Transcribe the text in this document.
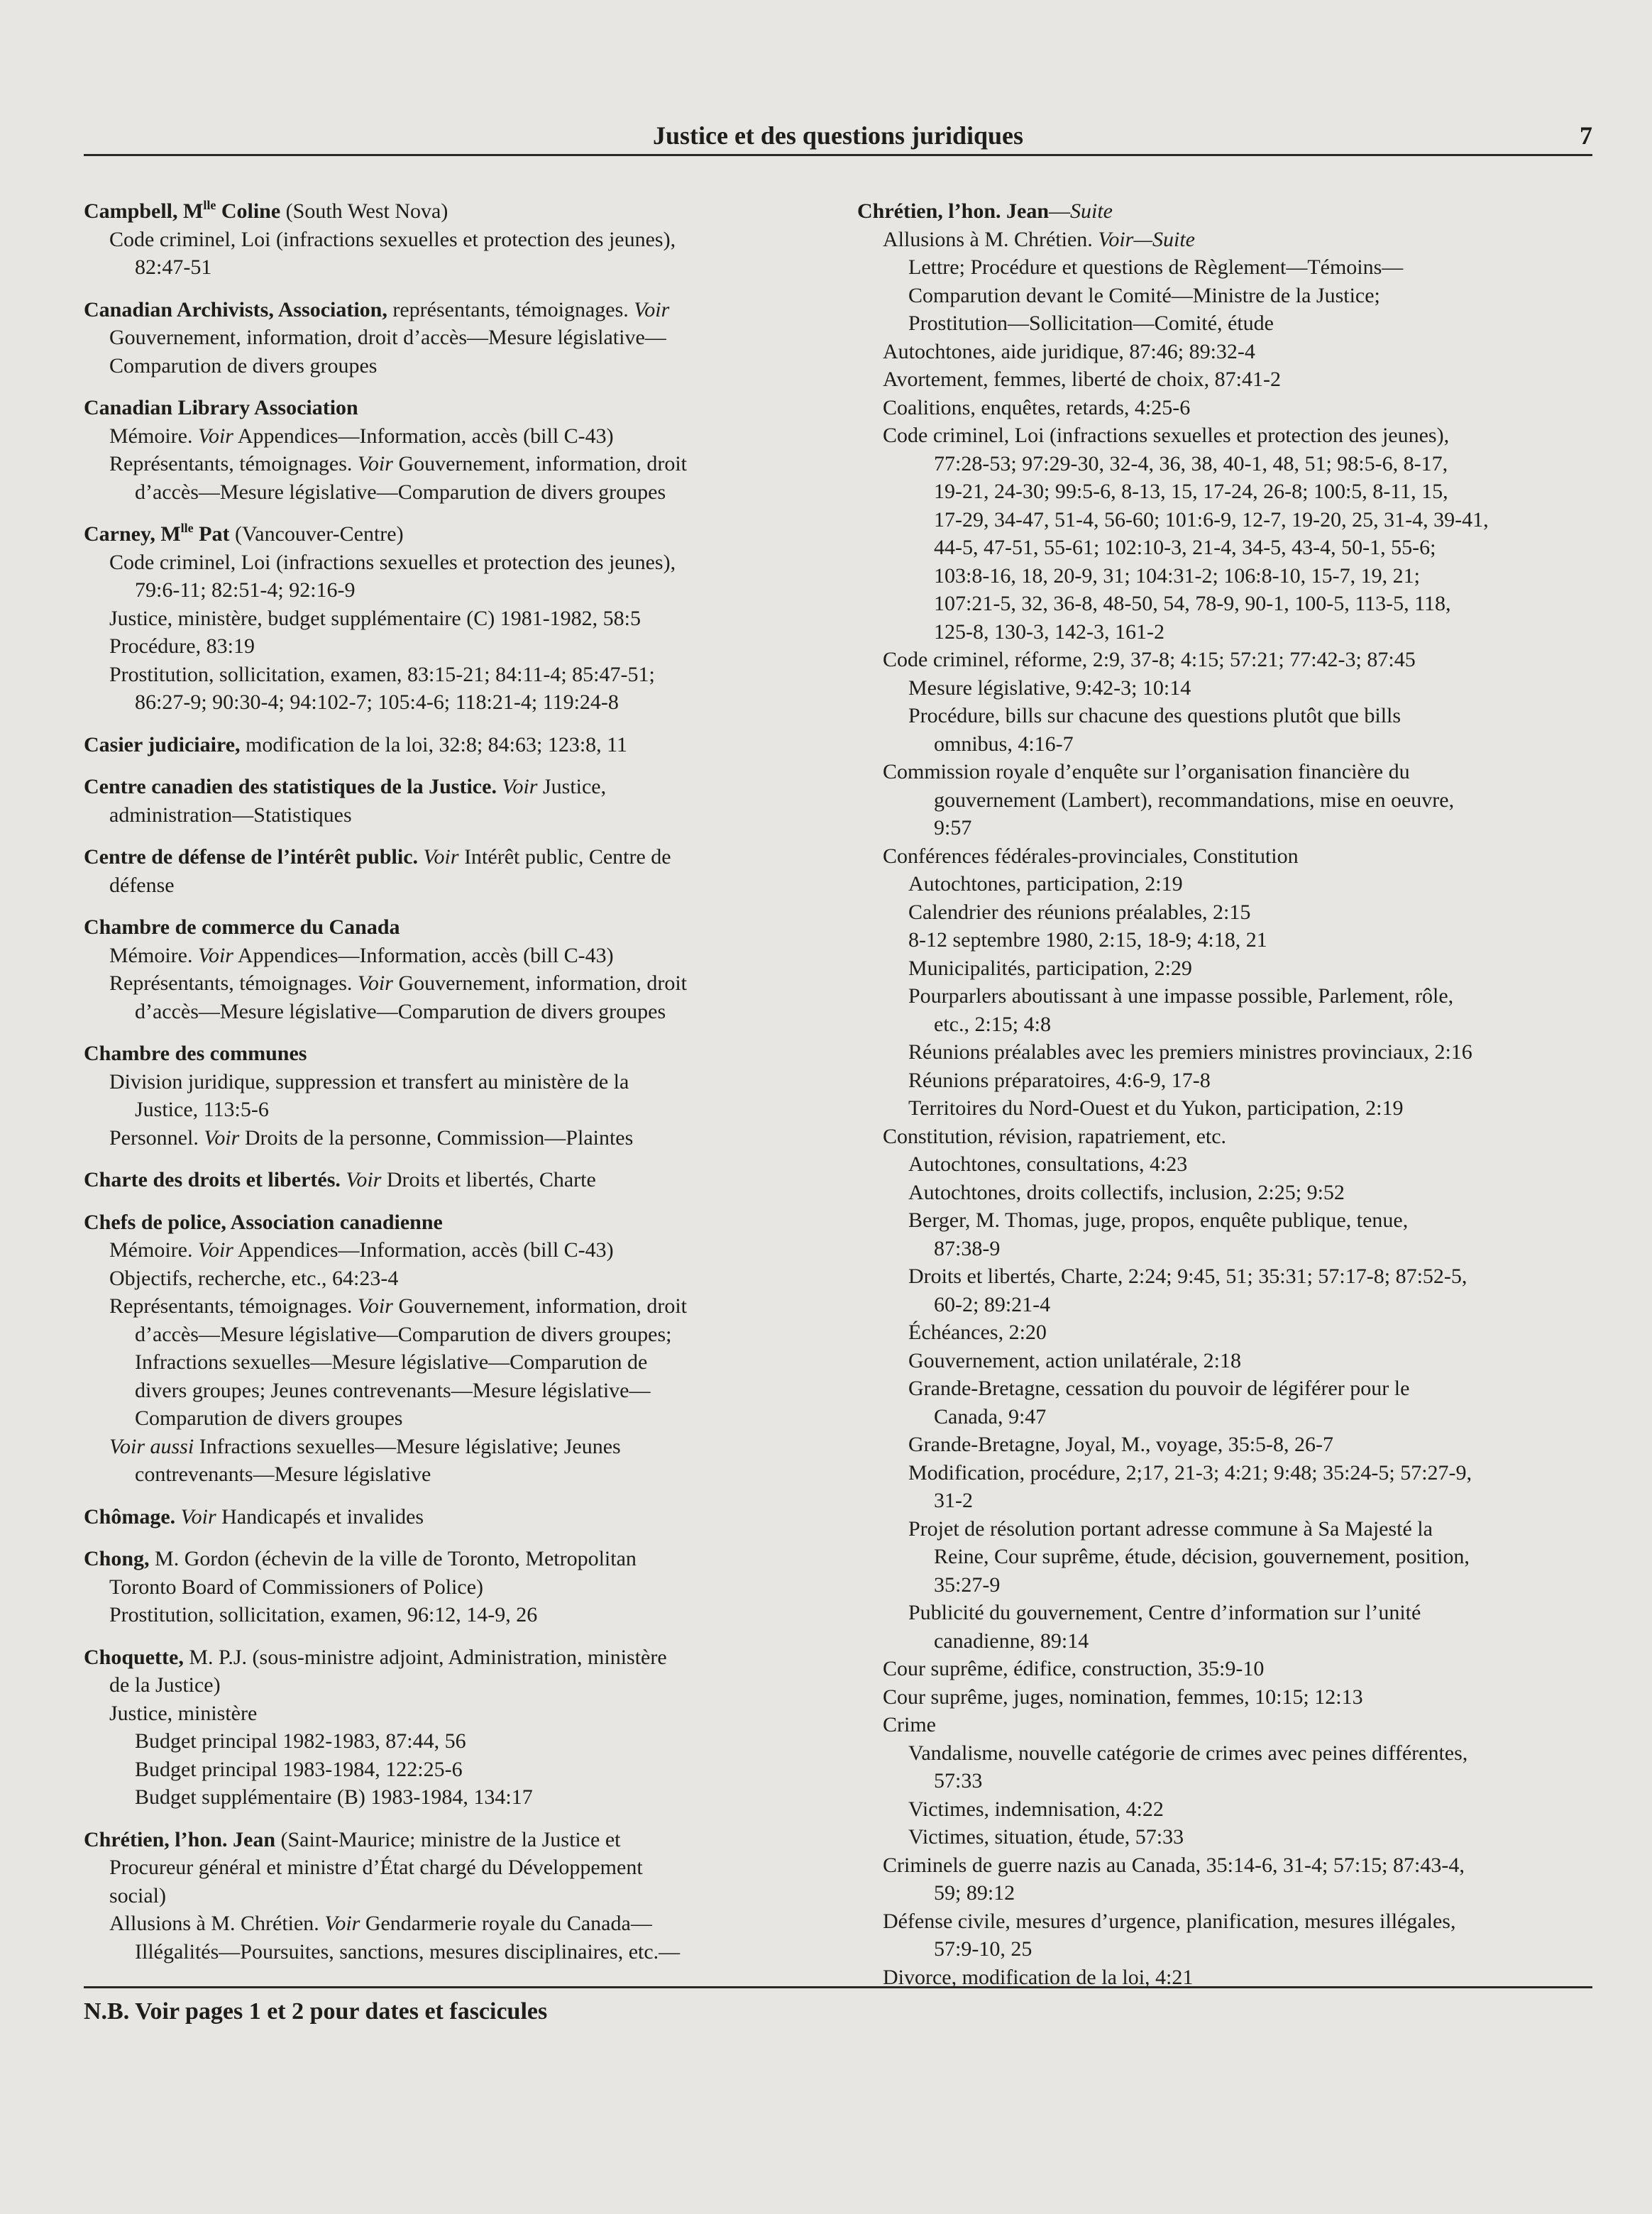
Justice et des questions juridiques	7
Campbell, $M^{lle}$ Coline (South West Nova)
Code criminel, Loi (infractions sexuelles et protection des jeunes),
82:47-51
Canadian Archivists, Association, représentants, témoignages. Voir
Gouvernement, information, droit d’accès—Mesure législative—
Comparution de divers groupes
Canadian Library Association
Mémoire. Voir Appendices—Information, accès (bill C-43)
Représentants, témoignages. Voir Gouvernement, information, droit
d’accès—Mesure législative—Comparution de divers groupes
Carney, $M^{lle}$ Pat (Vancouver-Centre)
Code criminel, Loi (infractions sexuelles et protection des jeunes),
79:6-11; 82:51-4; 92:16-9
Justice, ministère, budget supplémentaire (C) 1981-1982, 58:5
Procédure, 83:19
Prostitution, sollicitation, examen, 83:15-21; 84:11-4; 85:47-51;
86:27-9; 90:30-4; 94:102-7; 105:4-6; 118:21-4; 119:24-8
Casier judiciaire, modification de la loi, 32:8; 84:63; 123:8, 11
Centre canadien des statistiques de la Justice. Voir Justice,
administration—Statistiques
Centre de défense de l’intérêt public. Voir Intérêt public, Centre de
défense
Chambre de commerce du Canada
Mémoire. Voir Appendices—Information, accès (bill C-43)
Représentants, témoignages. Voir Gouvernement, information, droit
d’accès—Mesure législative—Comparution de divers groupes
Chambre des communes
Division juridique, suppression et transfert au ministère de la
Justice, 113:5-6
Personnel. Voir Droits de la personne, Commission—Plaintes
Charte des droits et libertés. Voir Droits et libertés, Charte
Chefs de police, Association canadienne
Mémoire. Voir Appendices—Information, accès (bill C-43)
Objectifs, recherche, etc., 64:23-4
Représentants, témoignages. Voir Gouvernement, information, droit
d’accès—Mesure législative—Comparution de divers groupes;
Infractions sexuelles—Mesure législative—Comparution de
divers groupes; Jeunes contrevenants—Mesure législative—
Comparution de divers groupes
Voir aussi Infractions sexuelles—Mesure législative; Jeunes
contrevenants—Mesure législative
Chômage. Voir Handicapés et invalides
Chong, M. Gordon (échevin de la ville de Toronto, Metropolitan
Toronto Board of Commissioners of Police)
Prostitution, sollicitation, examen, 96:12, 14-9, 26
Choquette, M. P.J. (sous-ministre adjoint, Administration, ministère
de la Justice)
Justice, ministère
Budget principal 1982-1983, 87:44, 56
Budget principal 1983-1984, 122:25-6
Budget supplémentaire (B) 1983-1984, 134:17
Chrétien, l’hon. Jean (Saint-Maurice; ministre de la Justice et
Procureur général et ministre d’État chargé du Développement
social)
Allusions à M. Chrétien. Voir Gendarmerie royale du Canada—
Illégalités—Poursuites, sanctions, mesures disciplinaires, etc.—
Chrétien, l’hon. Jean—Suite
Allusions à M. Chrétien. Voir—Suite
Lettre; Procédure et questions de Règlement—Témoins—
Comparution devant le Comité—Ministre de la Justice;
Prostitution—Sollicitation—Comité, étude
Autochtones, aide juridique, 87:46; 89:32-4
Avortement, femmes, liberté de choix, 87:41-2
Coalitions, enquêtes, retards, 4:25-6
Code criminel, Loi (infractions sexuelles et protection des jeunes),
77:28-53; 97:29-30, 32-4, 36, 38, 40-1, 48, 51; 98:5-6, 8-17,
19-21, 24-30; 99:5-6, 8-13, 15, 17-24, 26-8; 100:5, 8-11, 15,
17-29, 34-47, 51-4, 56-60; 101:6-9, 12-7, 19-20, 25, 31-4, 39-41,
44-5, 47-51, 55-61; 102:10-3, 21-4, 34-5, 43-4, 50-1, 55-6;
103:8-16, 18, 20-9, 31; 104:31-2; 106:8-10, 15-7, 19, 21;
107:21-5, 32, 36-8, 48-50, 54, 78-9, 90-1, 100-5, 113-5, 118,
125-8, 130-3, 142-3, 161-2
Code criminel, réforme, 2:9, 37-8; 4:15; 57:21; 77:42-3; 87:45
Mesure législative, 9:42-3; 10:14
Procédure, bills sur chacune des questions plutôt que bills
omnibus, 4:16-7
Commission royale d’enquête sur l’organisation financière du
gouvernement (Lambert), recommandations, mise en oeuvre,
9:57
Conférences fédérales-provinciales, Constitution
Autochtones, participation, 2:19
Calendrier des réunions préalables, 2:15
8-12 septembre 1980, 2:15, 18-9; 4:18, 21
Municipalités, participation, 2:29
Pourparlers aboutissant à une impasse possible, Parlement, rôle,
etc., 2:15; 4:8
Réunions préalables avec les premiers ministres provinciaux, 2:16
Réunions préparatoires, 4:6-9, 17-8
Territoires du Nord-Ouest et du Yukon, participation, 2:19
Constitution, révision, rapatriement, etc.
Autochtones, consultations, 4:23
Autochtones, droits collectifs, inclusion, 2:25; 9:52
Berger, M. Thomas, juge, propos, enquête publique, tenue,
87:38-9
Droits et libertés, Charte, 2:24; 9:45, 51; 35:31; 57:17-8; 87:52-5,
60-2; 89:21-4
Échéances, 2:20
Gouvernement, action unilatérale, 2:18
Grande-Bretagne, cessation du pouvoir de légiférer pour le
Canada, 9:47
Grande-Bretagne, Joyal, M., voyage, 35:5-8, 26-7
Modification, procédure, 2;17, 21-3; 4:21; 9:48; 35:24-5; 57:27-9,
31-2
Projet de résolution portant adresse commune à Sa Majesté la
Reine, Cour suprême, étude, décision, gouvernement, position,
35:27-9
Publicité du gouvernement, Centre d’information sur l’unité
canadienne, 89:14
Cour suprême, édifice, construction, 35:9-10
Cour suprême, juges, nomination, femmes, 10:15; 12:13
Crime
Vandalisme, nouvelle catégorie de crimes avec peines différentes,
57:33
Victimes, indemnisation, 4:22
Victimes, situation, étude, 57:33
Criminels de guerre nazis au Canada, 35:14-6, 31-4; 57:15; 87:43-4,
59; 89:12
Défense civile, mesures d’urgence, planification, mesures illégales,
57:9-10, 25
Divorce, modification de la loi, 4:21
N.B. Voir pages 1 et 2 pour dates et fascicules
